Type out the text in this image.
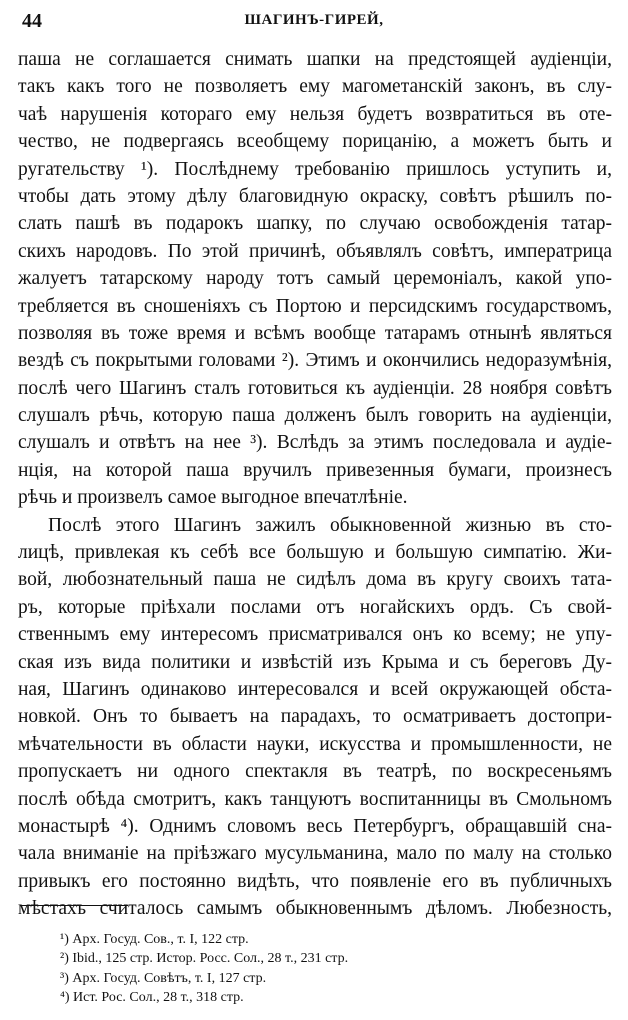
44	ШАГИНЪ-ГИРЕЙ,
паша не соглашается снимать шапки на предстоящей аудіенціи,
такъ какъ того не позволяетъ ему магометанскій законъ, въ слу-
чаѣ нарушенія котораго ему нельзя будетъ возвратиться въ оте-
чество, не подвергаясь всеобщему порицанію, а можетъ быть и
ругательству ¹). Послѣднему требованію пришлось уступить и,
чтобы дать этому дѣлу благовидную окраску, совѣтъ рѣшилъ по-
слать пашѣ въ подарокъ шапку, по случаю освобожденія татар-
скихъ народовъ. По этой причинѣ, объявлялъ совѣтъ, императрица
жалуетъ татарскому народу тотъ самый церемоніалъ, какой упо-
требляется въ сношеніяхъ съ Портою и персидскимъ государствомъ,
позволяя въ тоже время и всѣмъ вообще татарамъ отнынѣ являться
вездѣ съ покрытыми головами ²). Этимъ и окончились недоразумѣнія,
послѣ чего Шагинъ сталъ готовиться къ аудіенціи. 28 ноября совѣтъ
слушалъ рѣчь, которую паша долженъ былъ говорить на аудіенціи,
слушалъ и отвѣтъ на нее ³). Вслѣдъ за этимъ последовала и аудіе-
нція, на которой паша вручилъ привезенныя бумаги, произнесъ
рѣчь и произвелъ самое выгодное впечатлѣніе.
Послѣ этого Шагинъ зажилъ обыкновенной жизнью въ сто-
лицѣ, привлекая къ себѣ все большую и большую симпатію. Жи-
вой, любознательный паша не сидѣлъ дома въ кругу своихъ тата-
ръ, которые пріѣхали послами отъ ногайскихъ ордъ. Съ свой-
ственнымъ ему интересомъ присматривался онъ ко всему; не упу-
ская изъ вида политики и извѣстій изъ Крыма и съ береговъ Ду-
ная, Шагинъ одинаково интересовался и всей окружающей обста-
новкой. Онъ то бываетъ на парадахъ, то осматриваетъ достопри-
мѣчательности въ области науки, искусства и промышленности, не
пропускаетъ ни одного спектакля въ театрѣ, по воскресеньямъ
послѣ обѣда смотритъ, какъ танцуютъ воспитанницы въ Смольномъ
монастырѣ ⁴). Однимъ словомъ весь Петербургъ, обращавшій сна-
чала вниманіе на пріѣзжаго мусульманина, мало по малу на столько
привыкъ его постоянно видѣть, что появленіе его въ публичныхъ
мѣстахъ считалось самымъ обыкновеннымъ дѣломъ. Любезность,
¹) Арх. Госуд. Сов., т. I, 122 стр.
²) Ibid., 125 стр. Истор. Росс. Сол., 28 т., 231 стр.
³) Арх. Госуд. Совѣтъ, т. I, 127 стр.
⁴) Ист. Рос. Сол., 28 т., 318 стр.
